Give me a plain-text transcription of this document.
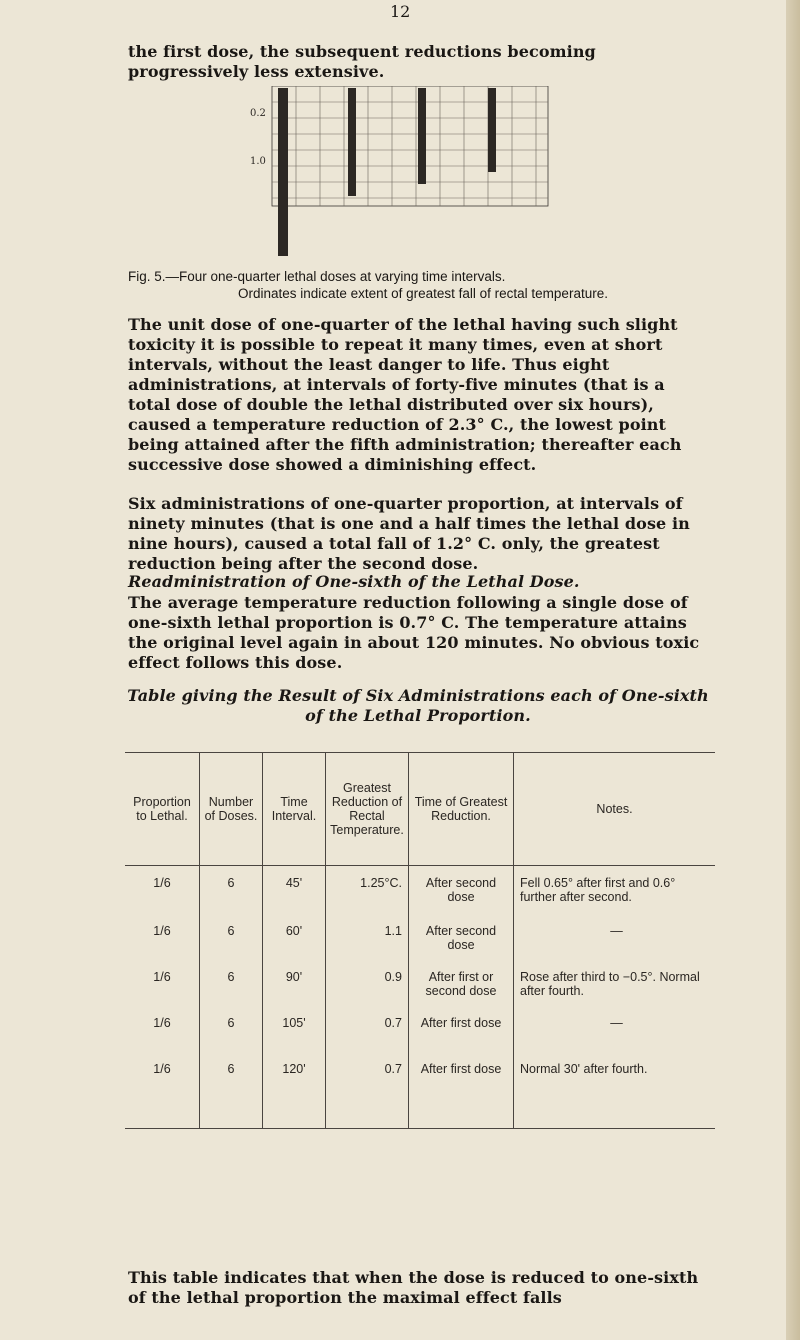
12
the first dose, the subsequent reductions becoming progressively less extensive.
0.2
1.0
Fig. 5.—Four one-quarter lethal doses at varying time intervals.
Ordinates indicate extent of greatest fall of rectal temperature.
The unit dose of one-quarter of the lethal having such slight toxicity it is possible to repeat it many times, even at short intervals, without the least danger to life. Thus eight administrations, at intervals of forty-five minutes (that is a total dose of double the lethal distributed over six hours), caused a temperature reduction of 2.3° C., the lowest point being attained after the fifth administration; thereafter each successive dose showed a diminishing effect.
Six administrations of one-quarter proportion, at intervals of ninety minutes (that is one and a half times the lethal dose in nine hours), caused a total fall of 1.2° C. only, the greatest reduction being after the second dose.
Readministration of One-sixth of the Lethal Dose.
The average temperature reduction following a single dose of one-sixth lethal proportion is 0.7° C. The temperature attains the original level again in about 120 minutes. No obvious toxic effect follows this dose.
Table giving the Result of Six Administrations each of One-sixth of the Lethal Proportion.
Proportion to Lethal.	Number of Doses.	Time Interval.	Greatest Reduction of Rectal Temperature.	Time of Greatest Reduction.	Notes.
1/6	6	45'	1.25°C.	After second dose	Fell 0.65° after first and 0.6° further after second.
1/6	6	60'	1.1	After second dose	—
1/6	6	90'	0.9	After first or second dose	Rose after third to −0.5°. Normal after fourth.
1/6	6	105'	0.7	After first dose	—
1/6	6	120'	0.7	After first dose	Normal 30' after fourth.
This table indicates that when the dose is reduced to one-sixth of the lethal proportion the maximal effect falls
